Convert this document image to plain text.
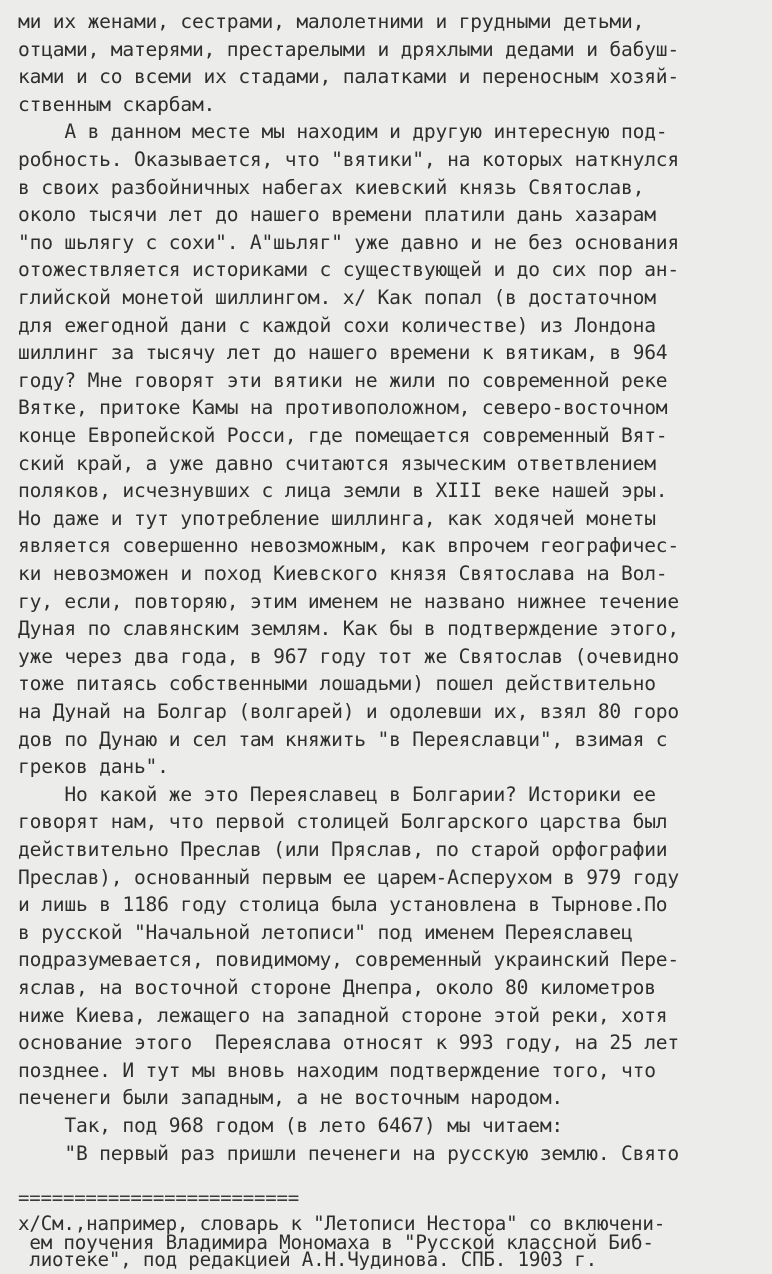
ми их женами, сестрами, малолетними и грудными детьми,
отцами, матерями, престарелыми и дряхлыми дедами и бабуш-
ками и со всеми их стадами, палатками и переносным хозяй-
ственным скарбам.
А в данном месте мы находим и другую интересную под-
робность. Оказывается, что "вятики", на которых наткнулся
в своих разбойничных набегах киевский князь Святослав,
около тысячи лет до нашего времени платили дань хазарам
"по шьлягу с сохи". А"шьляг" уже давно и не без основания
отожествляется историками с существующей и до сих пор ан-
глийской монетой шиллингом. x/ Как попал (в достаточном
для ежегодной дани с каждой сохи количестве) из Лондона
шиллинг за тысячу лет до нашего времени к вятикам, в 964
году? Мне говорят эти вятики не жили по современной реке
Вятке, притоке Камы на противоположном, северо-восточном
конце Европейской Росси, где помещается современный Вят-
ский край, а уже давно считаются языческим ответвлением
поляков, исчезнувших с лица земли в XIII веке нашей эры.
Но даже и тут употребление шиллинга, как ходячей монеты
является совершенно невозможным, как впрочем географичес-
ки невозможен и поход Киевского князя Святослава на Вол-
гу, если, повторяю, этим именем не названо нижнее течение
Дуная по славянским землям. Как бы в подтверждение этого,
уже через два года, в 967 году тот же Святослав (очевидно
тоже питаясь собственными лошадьми) пошел действительно
на Дунай на Болгар (волгарей) и одолевши их, взял 80 горо
дов по Дунаю и сел там княжить "в Переяславци", взимая с
греков дань".
Но какой же это Переяславец в Болгарии? Историки ее
говорят нам, что первой столицей Болгарского царства был
действительно Преслав (или Пряслав, по старой орфографии
Преслав), основанный первым ее царем-Аспeрухом в 979 году
и лишь в 1186 году столица была установлена в Тырнове.По
в русской "Начальной летописи" под именем Переяславец
подразумевается, повидимому, современный украинский Пере-
яслав, на восточной стороне Днепра, около 80 километров
ниже Киева, лежащего на западной стороне этой реки, хотя
основание этого  Переяслава относят к 993 году, на 25 лет
позднее. И тут мы вновь находим подтверждение того, что
печенеги были западным, а не восточным народом.
Так, под 968 годом (в лето 6467) мы читаем:
"В первый раз пришли печенеги на русскую землю. Свято
=========================
x/См.,например, словарь к "Летописи Нестора" со включени-
ем поучения Владимира Мономаха в "Русской классной Биб-
лиотеке", под редакцией А.Н.Чудинова. СПБ. 1903 г.
